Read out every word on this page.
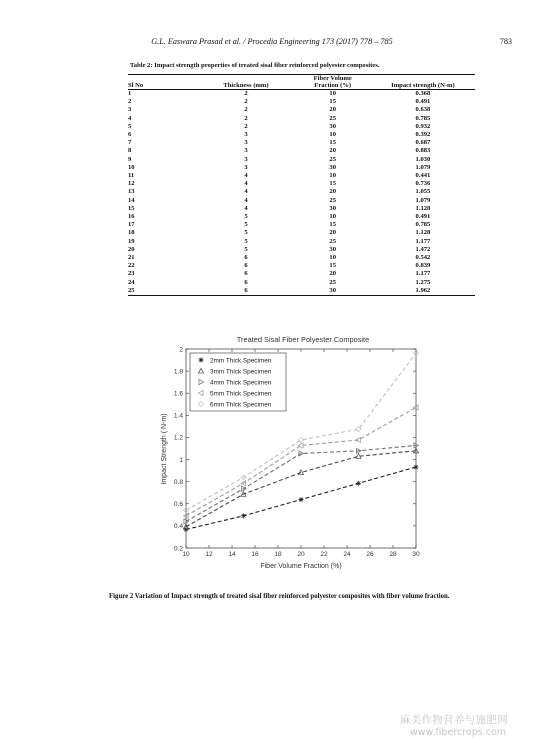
G.L. Easwara Prasad et al. / Procedia Engineering 173 (2017) 778 – 785	783
Table 2: Impact strength properties of treated sisal fiber reinforced polyester composites.
Sl No	Thickness (mm)	Fiber Volume
Fraction (%)	Impact strength (N-m)
1	2	10	0.368
2	2	15	0.491
3	2	20	0.638
4	2	25	0.785
5	2	30	0.932
6	3	10	0.392
7	3	15	0.687
8	3	20	0.883
9	3	25	1.030
10	3	30	1.079
11	4	10	0.441
12	4	15	0.736
13	4	20	1.055
14	4	25	1.079
15	4	30	1.128
16	5	10	0.491
17	5	15	0.785
18	5	20	1.128
19	5	25	1.177
20	5	30	1.472
21	6	10	0.542
22	6	15	0.839
23	6	20	1.177
24	6	25	1.275
25	6	30	1.962
10 12 14 16 18 20 22 24 26 28 30
0.2
0.4
0.6
0.8
1
1.2
1.4
1.6
1.8
2
Treated Sisal Fiber Polyester Composite
Fiber Volume Fraction (%)
Impact Strength ( N-m)
2mm Thick Specimen
3mm Thick Specimen
4mm Thick Specimen
5mm Thick Specimen
6mm Thick Specimen
Figure 2 Variation of Impact strength of treated sisal fiber reinforced polyester composites with fiber volume fraction.
麻类作物营养与施肥网
www.fibercrops.com
